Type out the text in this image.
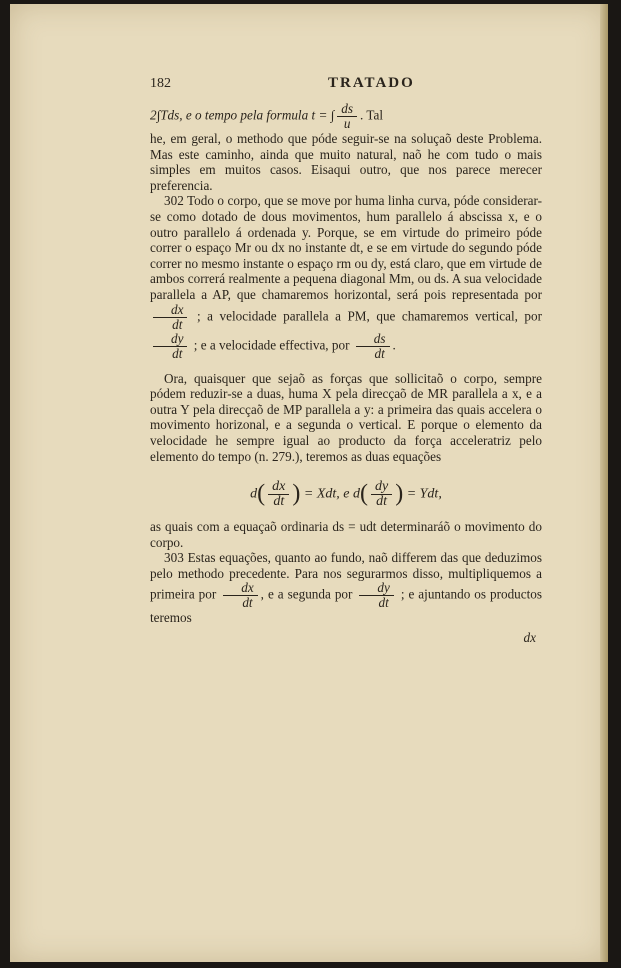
182	TRATADO

2∫Tds, e o tempo pela formula t = ∫ $\frac{ds}{u}$ . Tal

he, em geral, o methodo que póde seguir-se na soluçaõ deste Problema. Mas este caminho, ainda que muito natural, naõ he com tudo o mais simples em muitos casos. Eisaqui outro, que nos parece merecer preferencia.

302 Todo o corpo, que se move por huma linha curva, póde considerar-se como dotado de dous movimentos, hum parallelo á abscissa x, e o outro parallelo á ordenada y. Porque, se em virtude do primeiro póde correr o espaço Mr ou dx no instante dt, e se em virtude do segundo póde correr no mesmo instante o espaço rm ou dy, está claro, que em virtude de ambos correrá realmente a pequena diagonal Mm, ou ds. A sua velocidade parallela a AP, que chamaremos horizontal, será pois representada por
$\frac{dx}{dt}$ ; a velocidade parallela a PM, que chamaremos vertical, por
$\frac{dy}{dt}$ ; e a velocidade effectiva, por $\frac{ds}{dt}$ .

Ora, quaisquer que sejaõ as forças que sollicitaõ o corpo, sempre pódem reduzir-se a duas, huma X pela direcçaõ de MR parallela a x, e a outra Y pela direcçaõ de MP parallela a y: a primeira das quais accelera o movimento horizonal, e a segunda o vertical. E porque o elemento da velocidade he sempre igual ao producto da força acceleratriz pelo elemento do tempo (n. 279.), teremos as duas equações

$d( \frac{dx}{dt}$ ) = Xdt, e $d( \frac{dy}{dt}$ ) = Ydt,

as quais com a equaçaõ ordinaria ds = udt determinaráõ o movimento do corpo.

303 Estas equações, quanto ao fundo, naõ differem das que deduzimos pelo methodo precedente. Para nos segurarmos disso, multipliquemos a primeira por $\frac{dx}{dt}$ , e a segunda por $\frac{dy}{dt}$ ; e ajuntando os productos teremos

dx
